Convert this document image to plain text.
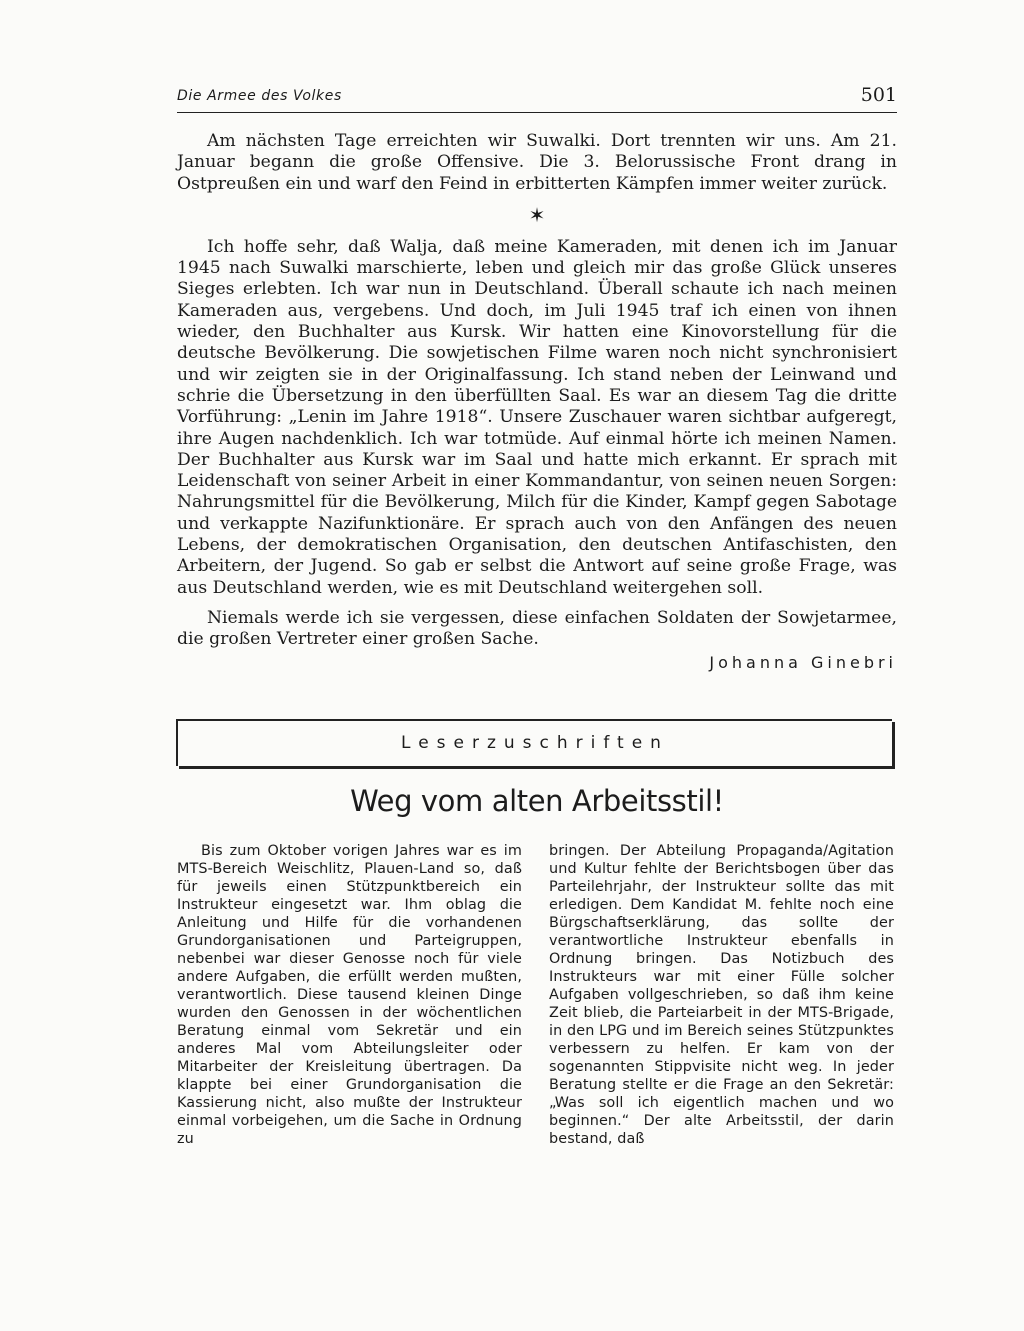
Die Armee des Volkes	501

Am nächsten Tage erreichten wir Suwalki. Dort trennten wir uns. Am 21. Januar begann die große Offensive. Die 3. Belorussische Front drang in Ostpreußen ein und warf den Feind in erbitterten Kämpfen immer weiter zurück.

✶

Ich hoffe sehr, daß Walja, daß meine Kameraden, mit denen ich im Januar 1945 nach Suwalki marschierte, leben und gleich mir das große Glück unseres Sieges erlebten. Ich war nun in Deutschland. Überall schaute ich nach meinen Kameraden aus, vergebens. Und doch, im Juli 1945 traf ich einen von ihnen wieder, den Buchhalter aus Kursk. Wir hatten eine Kinovorstellung für die deutsche Bevölkerung. Die sowjetischen Filme waren noch nicht synchronisiert und wir zeigten sie in der Originalfassung. Ich stand neben der Leinwand und schrie die Übersetzung in den überfüllten Saal. Es war an diesem Tag die dritte Vorführung: „Lenin im Jahre 1918“. Unsere Zuschauer waren sichtbar aufgeregt, ihre Augen nachdenklich. Ich war totmüde. Auf einmal hörte ich meinen Namen. Der Buchhalter aus Kursk war im Saal und hatte mich erkannt. Er sprach mit Leidenschaft von seiner Arbeit in einer Kommandantur, von seinen neuen Sorgen: Nahrungsmittel für die Bevölkerung, Milch für die Kinder, Kampf gegen Sabotage und verkappte Nazifunktionäre. Er sprach auch von den Anfängen des neuen Lebens, der demokratischen Organisation, den deutschen Antifaschisten, den Arbeitern, der Jugend. So gab er selbst die Antwort auf seine große Frage, was aus Deutschland werden, wie es mit Deutschland weitergehen soll.

Niemals werde ich sie vergessen, diese einfachen Soldaten der Sowjetarmee, die großen Vertreter einer großen Sache.

Johanna Ginebri
Leserzuschriften
Weg vom alten Arbeitsstil!

Bis zum Oktober vorigen Jahres war es im MTS-Bereich Weischlitz, Plauen-Land so, daß für jeweils einen Stützpunktbereich ein Instrukteur eingesetzt war. Ihm oblag die Anleitung und Hilfe für die vorhandenen Grundorganisationen und Parteigruppen, nebenbei war dieser Genosse noch für viele andere Aufgaben, die erfüllt werden mußten, verantwortlich. Diese tausend kleinen Dinge wurden den Genossen in der wöchentlichen Beratung einmal vom Sekretär und ein anderes Mal vom Abteilungsleiter oder Mitarbeiter der Kreisleitung übertragen. Da klappte bei einer Grundorganisation die Kassierung nicht, also mußte der Instrukteur einmal vorbeigehen, um die Sache in Ordnung zu

bringen. Der Abteilung Propaganda/Agitation und Kultur fehlte der Berichtsbogen über das Parteilehrjahr, der Instrukteur sollte das mit erledigen. Dem Kandidat M. fehlte noch eine Bürgschaftserklärung, das sollte der verantwortliche Instrukteur ebenfalls in Ordnung bringen. Das Notizbuch des Instrukteurs war mit einer Fülle solcher Aufgaben vollgeschrieben, so daß ihm keine Zeit blieb, die Parteiarbeit in der MTS-Brigade, in den LPG und im Bereich seines Stützpunktes verbessern zu helfen. Er kam von der sogenannten Stippvisite nicht weg. In jeder Beratung stellte er die Frage an den Sekretär: „Was soll ich eigentlich machen und wo beginnen.“ Der alte Arbeitsstil, der darin bestand, daß
